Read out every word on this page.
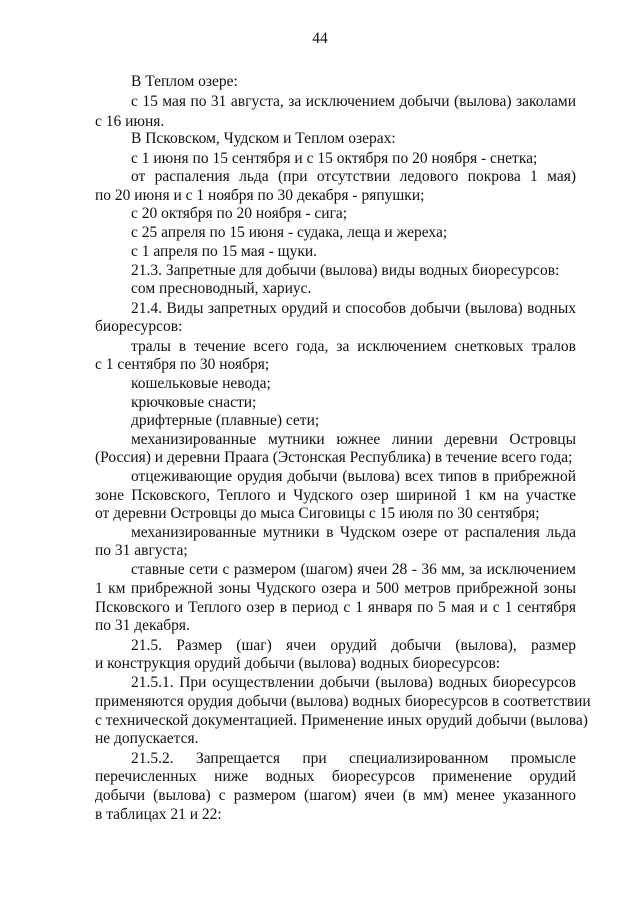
44
В Теплом озере:
с 15 мая по 31 августа, за исключением добычи (вылова) заколами
с 16 июня.
В Псковском, Чудском и Теплом озерах:
с 1 июня по 15 сентября и с 15 октября по 20 ноября - снетка;
от распаления льда (при отсутствии ледового покрова 1 мая)
по 20 июня и с 1 ноября по 30 декабря - ряпушки;
с 20 октября по 20 ноября - сига;
с 25 апреля по 15 июня - судака, леща и жереха;
с 1 апреля по 15 мая - щуки.
21.3. Запретные для добычи (вылова) виды водных биоресурсов:
сом пресноводный, хариус.
21.4. Виды запретных орудий и способов добычи (вылова) водных
биоресурсов:
тралы в течение всего года, за исключением снетковых тралов
с 1 сентября по 30 ноября;
кошельковые невода;
крючковые снасти;
дрифтерные (плавные) сети;
механизированные мутники южнее линии деревни Островцы
(Россия) и деревни Прааrа (Эстонская Республика) в течение всего года;
отцеживающие орудия добычи (вылова) всех типов в прибрежной
зоне Псковского, Теплого и Чудского озер шириной 1 км на участке
от деревни Островцы до мыса Сиговицы с 15 июля по 30 сентября;
механизированные мутники в Чудском озере от распаления льда
по 31 августа;
ставные сети с размером (шагом) ячеи 28 - 36 мм, за исключением
1 км прибрежной зоны Чудского озера и 500 метров прибрежной зоны
Псковского и Теплого озер в период с 1 января по 5 мая и с 1 сентября
по 31 декабря.
21.5. Размер (шаг) ячеи орудий добычи (вылова), размер
и конструкция орудий добычи (вылова) водных биоресурсов:
21.5.1. При осуществлении добычи (вылова) водных биоресурсов
применяются орудия добычи (вылова) водных биоресурсов в соответствии
с технической документацией. Применение иных орудий добычи (вылова)
не допускается.
21.5.2. Запрещается при специализированном промысле
перечисленных ниже водных биоресурсов применение орудий
добычи (вылова) с размером (шагом) ячеи (в мм) менее указанного
в таблицах 21 и 22:
